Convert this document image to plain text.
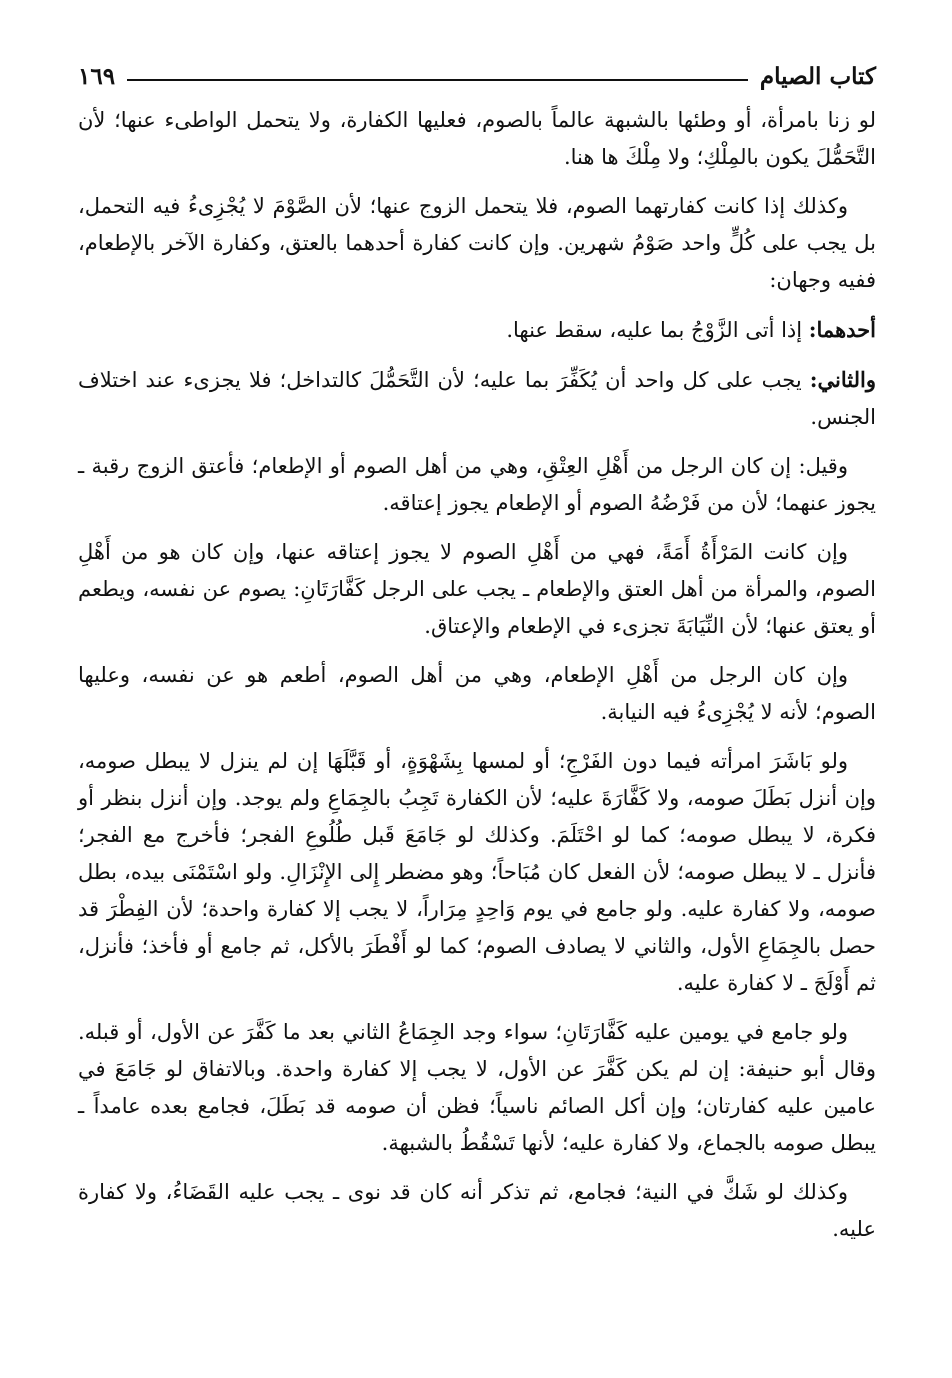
كتاب الصيام
١٦٩

لو زنا بامرأة، أو وطئها بالشبهة عالماً بالصوم، فعليها الكفارة، ولا يتحمل الواطىء عنها؛ لأن التَّحَمُّلَ يكون بالمِلْكِ؛ ولا مِلْكَ ها هنا.

وكذلك إذا كانت كفارتهما الصوم، فلا يتحمل الزوج عنها؛ لأن الصَّوْمَ لا يُجْزِىءُ فيه التحمل، بل يجب على كُلٍّ واحد صَوْمُ شهرين. وإن كانت كفارة أحدهما بالعتق، وكفارة الآخر بالإطعام، ففيه وجهان:

أحدهما: إذا أتى الزَّوْجُ بما عليه، سقط عنها.

والثاني: يجب على كل واحد أن يُكَفِّرَ بما عليه؛ لأن التَّحَمُّلَ كالتداخل؛ فلا يجزىء عند اختلاف الجنس.

وقيل: إن كان الرجل من أَهْلِ العِتْقِ، وهي من أهل الصوم أو الإطعام؛ فأعتق الزوج رقبة ـ يجوز عنهما؛ لأن من فَرْضُهُ الصوم أو الإطعام يجوز إعتاقه.

وإن كانت المَرْأَةُ أَمَةً، فهي من أَهْلِ الصوم لا يجوز إعتاقه عنها، وإن كان هو من أَهْلِ الصوم، والمرأة من أهل العتق والإطعام ـ يجب على الرجل كَفَّارَتَانِ: يصوم عن نفسه، ويطعم أو يعتق عنها؛ لأن النِّيَابَةَ تجزىء في الإطعام والإعتاق.

وإن كان الرجل من أَهْلِ الإطعام، وهي من أهل الصوم، أطعم هو عن نفسه، وعليها الصوم؛ لأنه لا يُجْزِىءُ فيه النيابة.

ولو بَاشَرَ امرأته فيما دون الفَرْجِ؛ أو لمسها بِشَهْوَةٍ، أو قَبَّلَهَا إن لم ينزل لا يبطل صومه، وإن أنزل بَطَلَ صومه، ولا كَفَّارَةَ عليه؛ لأن الكفارة تَجِبُ بالجِمَاعِ ولم يوجد. وإن أنزل بنظر أو فكرة، لا يبطل صومه؛ كما لو احْتَلَمَ. وكذلك لو جَامَعَ قَبل طُلُوعِ الفجر؛ فأخرج مع الفجر؛ فأنزل ـ لا يبطل صومه؛ لأن الفعل كان مُبَاحاً؛ وهو مضطر إِلى الإِنْزَالِ. ولو اسْتَمْنَى بيده، بطل صومه، ولا كفارة عليه. ولو جامع في يوم وَاحِدٍ مِرَاراً، لا يجب إلا كفارة واحدة؛ لأن الفِطْرَ قد حصل بالجِمَاعِ الأول، والثاني لا يصادف الصوم؛ كما لو أَفْطَرَ بالأكل، ثم جامع أو فأخذ؛ فأنزل، ثم أَوْلَجَ ـ لا كفارة عليه.

ولو جامع في يومين عليه كَفَّارَتَانِ؛ سواء وجد الجِمَاعُ الثاني بعد ما كَفَّرَ عن الأول، أو قبله. وقال أبو حنيفة: إن لم يكن كَفَّرَ عن الأول، لا يجب إلا كفارة واحدة. وبالاتفاق لو جَامَعَ في عامين عليه كفارتان؛ وإن أكل الصائم ناسياً؛ فظن أن صومه قد بَطَلَ، فجامع بعده عامداً ـ يبطل صومه بالجماع، ولا كفارة عليه؛ لأنها تَسْقُطُ بالشبهة.

وكذلك لو شَكَّ في النية؛ فجامع، ثم تذكر أنه كان قد نوى ـ يجب عليه القَضَاءُ، ولا كفارة عليه.
